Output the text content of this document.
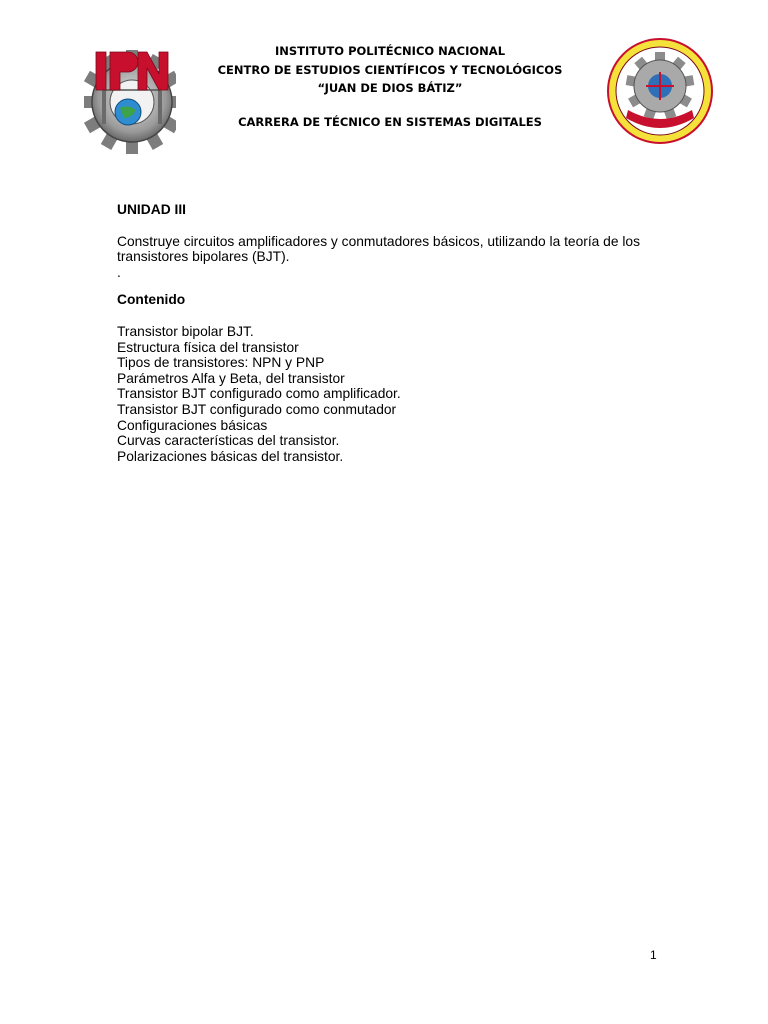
INSTITUTO POLITÉCNICO NACIONAL
CENTRO DE ESTUDIOS CIENTÍFICOS Y TECNOLÓGICOS
“JUAN DE DIOS BÁTIZ”
CARRERA DE TÉCNICO EN SISTEMAS DIGITALES

UNIDAD III

Construye circuitos amplificadores y conmutadores básicos, utilizando la teoría de los transistores bipolares (BJT).

.

Contenido

Transistor bipolar BJT.
Estructura física del transistor
Tipos de transistores: NPN y PNP
Parámetros Alfa y Beta, del transistor
Transistor BJT configurado como amplificador.
Transistor BJT configurado como conmutador
Configuraciones básicas
Curvas características del transistor.
Polarizaciones básicas del transistor.
1
